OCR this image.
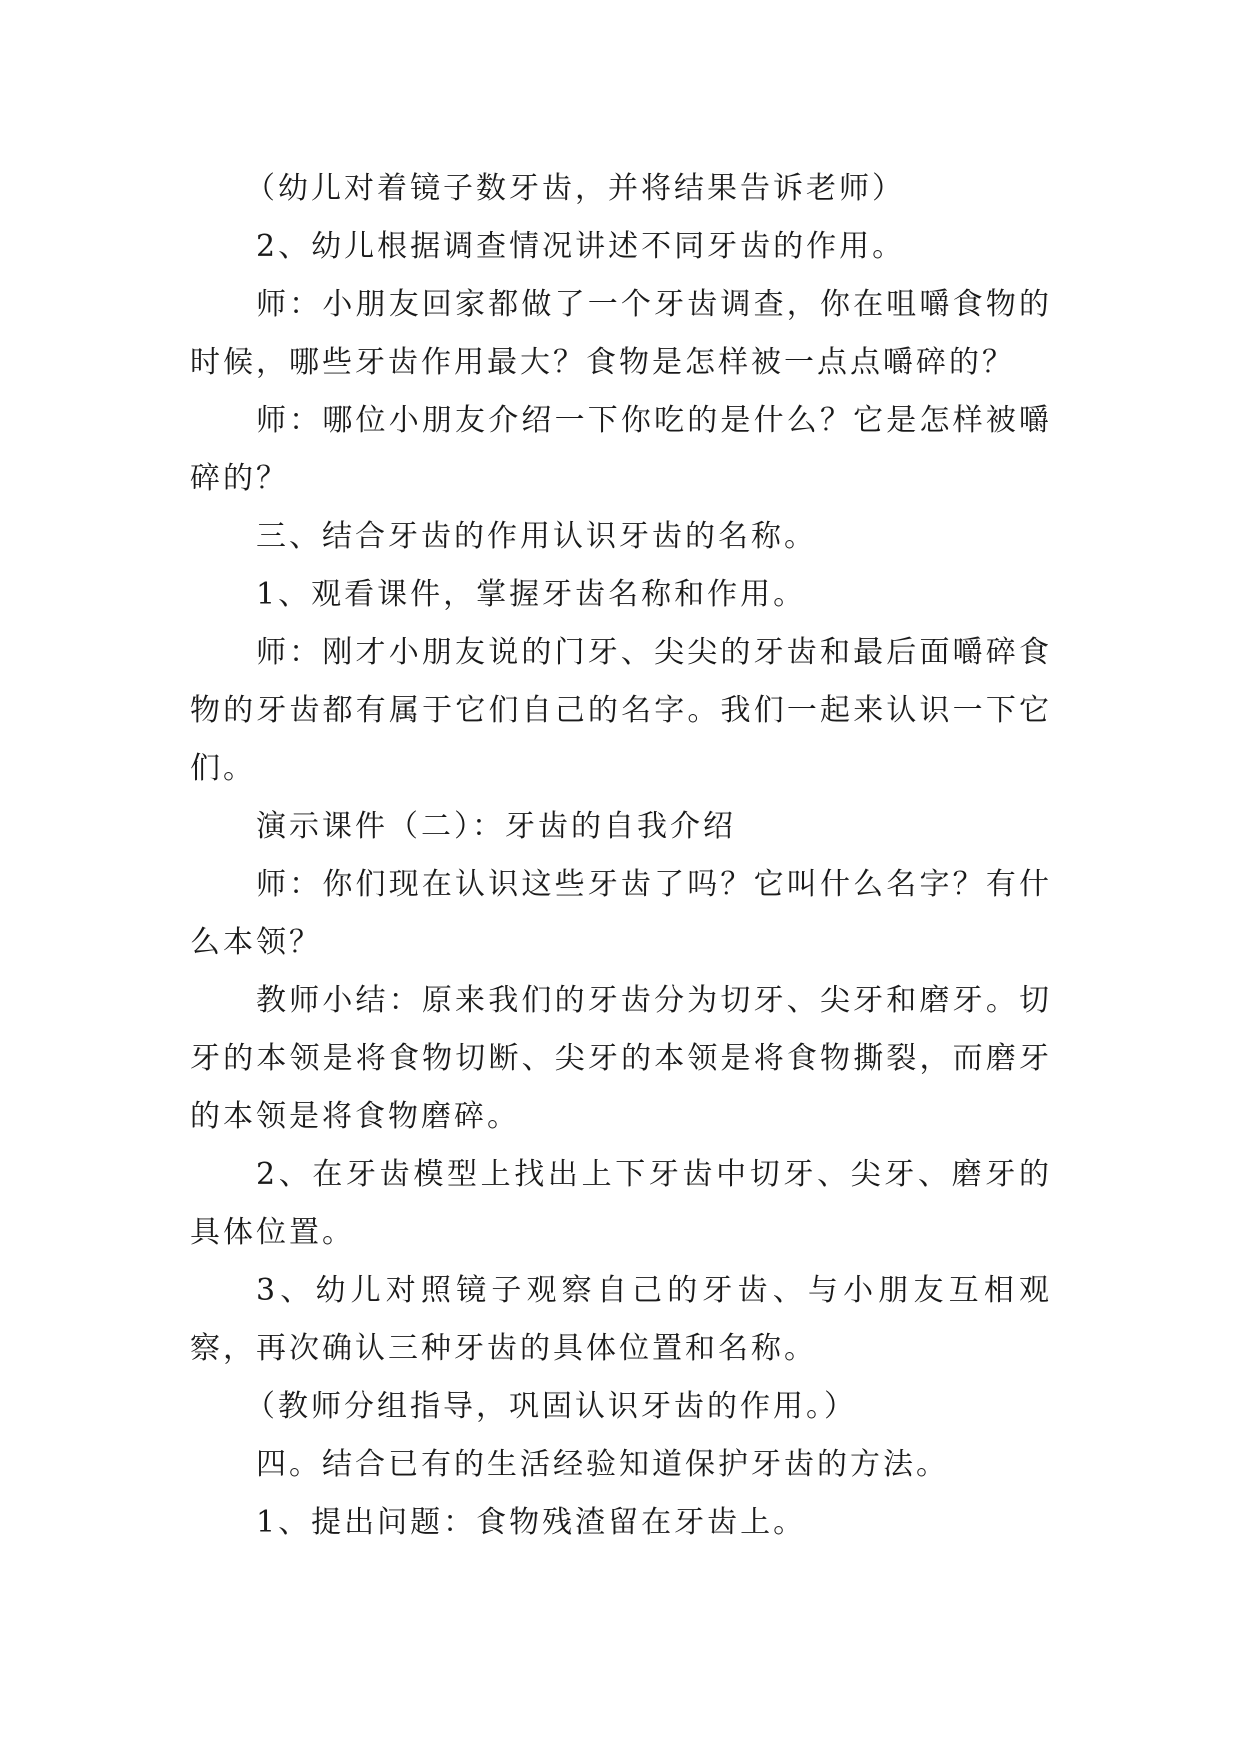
（幼儿对着镜子数牙齿，并将结果告诉老师）

2、幼儿根据调查情况讲述不同牙齿的作用。

师：小朋友回家都做了一个牙齿调查，你在咀嚼食物的时候，哪些牙齿作用最大？食物是怎样被一点点嚼碎的？

师：哪位小朋友介绍一下你吃的是什么？它是怎样被嚼碎的？

三、结合牙齿的作用认识牙齿的名称。

1、观看课件，掌握牙齿名称和作用。

师：刚才小朋友说的门牙、尖尖的牙齿和最后面嚼碎食物的牙齿都有属于它们自己的名字。我们一起来认识一下它们。

演示课件（二）：牙齿的自我介绍

师：你们现在认识这些牙齿了吗？它叫什么名字？有什么本领？

教师小结：原来我们的牙齿分为切牙、尖牙和磨牙。切牙的本领是将食物切断、尖牙的本领是将食物撕裂，而磨牙的本领是将食物磨碎。

2、在牙齿模型上找出上下牙齿中切牙、尖牙、磨牙的具体位置。

3、幼儿对照镜子观察自己的牙齿、与小朋友互相观察，再次确认三种牙齿的具体位置和名称。

（教师分组指导，巩固认识牙齿的作用。）

四。结合已有的生活经验知道保护牙齿的方法。

1、提出问题：食物残渣留在牙齿上。
